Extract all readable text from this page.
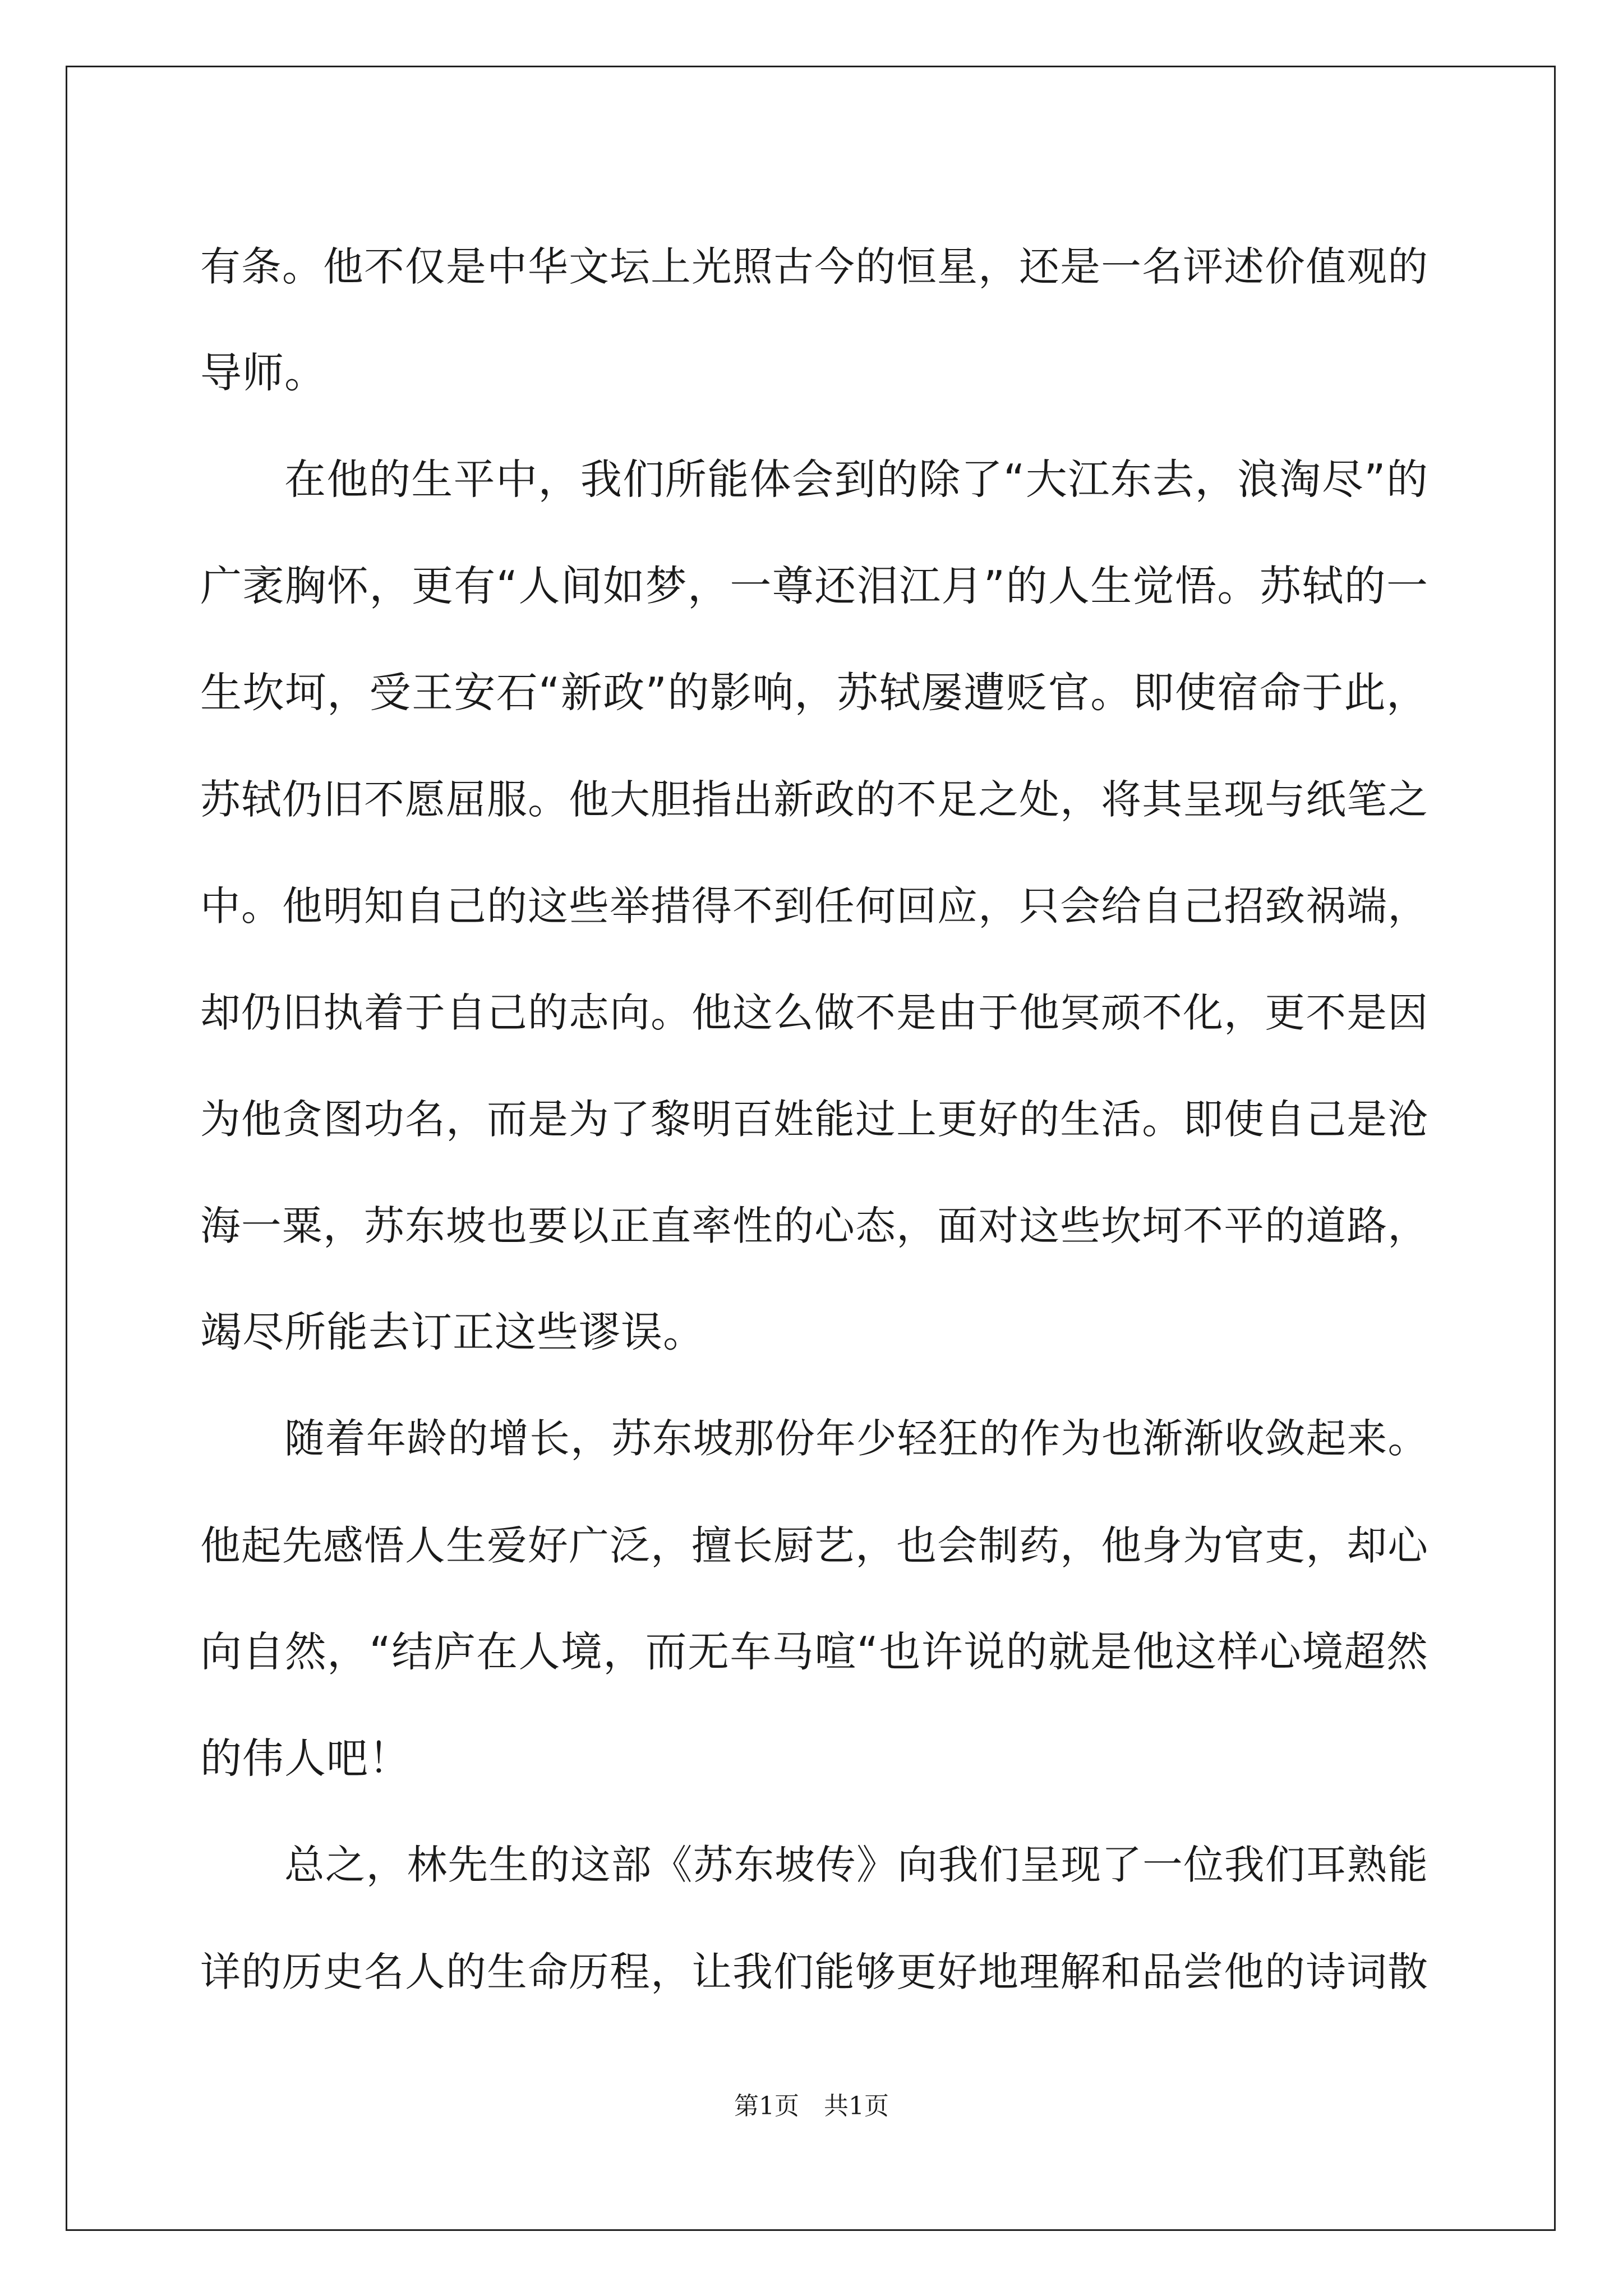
有条。他不仅是中华文坛上光照古今的恒星，还是一名评述价值观的
导师。

在他的生平中，我们所能体会到的除了“大江东去，浪淘尽”的
广袤胸怀，更有“人间如梦，一尊还泪江月”的人生觉悟。苏轼的一
生坎坷，受王安石“新政”的影响，苏轼屡遭贬官。即使宿命于此，
苏轼仍旧不愿屈服。他大胆指出新政的不足之处，将其呈现与纸笔之
中。他明知自己的这些举措得不到任何回应，只会给自己招致祸端，
却仍旧执着于自己的志向。他这么做不是由于他冥顽不化，更不是因
为他贪图功名，而是为了黎明百姓能过上更好的生活。即使自己是沧
海一粟，苏东坡也要以正直率性的心态，面对这些坎坷不平的道路，
竭尽所能去订正这些谬误。

随着年龄的增长，苏东坡那份年少轻狂的作为也渐渐收敛起来。
他起先感悟人生爱好广泛，擅长厨艺，也会制药，他身为官吏，却心
向自然，“结庐在人境，而无车马喧“也许说的就是他这样心境超然
的伟人吧！

总之，林先生的这部《苏东坡传》向我们呈现了一位我们耳熟能
详的历史名人的生命历程，让我们能够更好地理解和品尝他的诗词散

第1页　共1页
